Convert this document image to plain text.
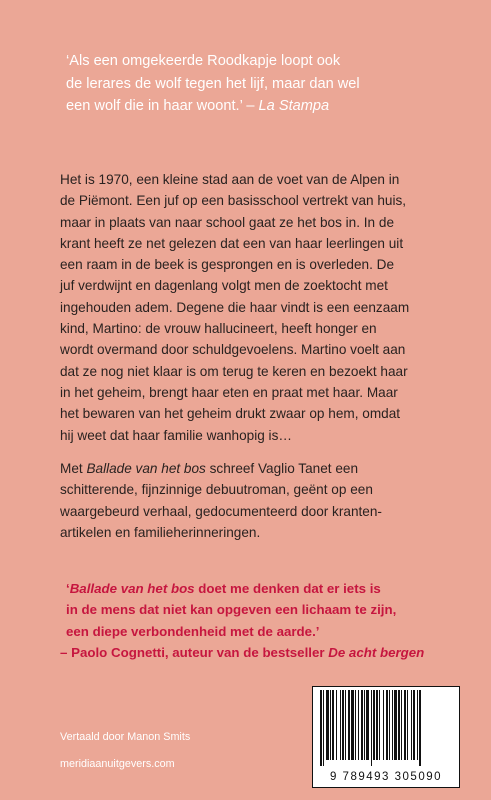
‘Als een omgekeerde Roodkapje loopt ook
de lerares de wolf tegen het lijf, maar dan wel
een wolf die in haar woont.’ – La Stampa
Het is 1970, een kleine stad aan de voet van de Alpen in
de Piëmont. Een juf op een basisschool vertrekt van huis,
maar in plaats van naar school gaat ze het bos in. In de
krant heeft ze net gelezen dat een van haar leerlingen uit
een raam in de beek is gesprongen en is overleden. De
juf verdwijnt en dagenlang volgt men de zoektocht met
ingehouden adem. Degene die haar vindt is een eenzaam
kind, Martino: de vrouw hallucineert, heeft honger en
wordt overmand door schuldgevoelens. Martino voelt aan
dat ze nog niet klaar is om terug te keren en bezoekt haar
in het geheim, brengt haar eten en praat met haar. Maar
het bewaren van het geheim drukt zwaar op hem, omdat
hij weet dat haar familie wanhopig is…
Met Ballade van het bos schreef Vaglio Tanet een
schitterende, fijnzinnige debuutroman, geënt op een
waargebeurd verhaal, gedocumenteerd door kranten-
artikelen en familieherinneringen.
‘Ballade van het bos doet me denken dat er iets is
in de mens dat niet kan opgeven een lichaam te zijn,
een diepe verbondenheid met de aarde.’
– Paolo Cognetti, auteur van de bestseller De acht bergen
Vertaald door Manon Smits
meridiaanuitgevers.com
9 789493 305090
